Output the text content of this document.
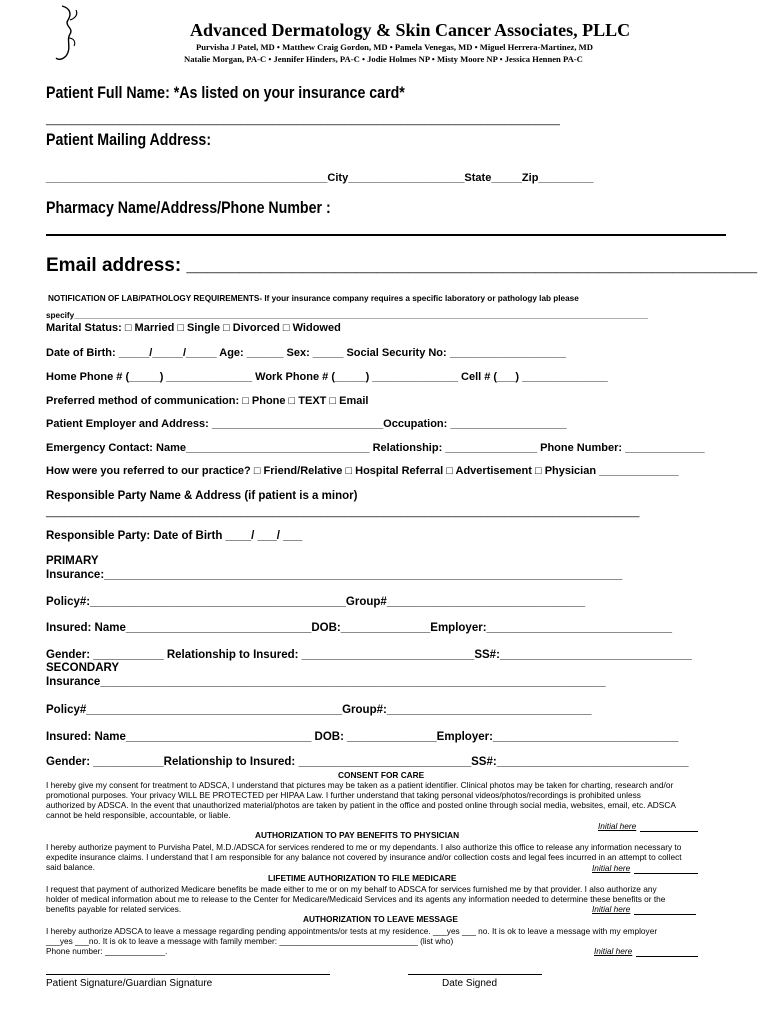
Advanced Dermatology & Skin Cancer Associates, PLLC
Purvisha J Patel, MD • Matthew Craig Gordon, MD • Pamela Venegas, MD • Miguel Herrera-Martinez, MD
Natalie Morgan, PA-C • Jennifer Hinders, PA-C • Jodie Holmes NP • Misty Moore NP • Jessica Hennen PA-C
Patient Full Name: *As listed on your insurance card*
____________________________________________________________________________________
Patient Mailing Address:
______________________________________________City___________________State_____Zip_________
Pharmacy Name/Address/Phone Number :
Email address: ______________________________________________________
NOTIFICATION OF LAB/PATHOLOGY REQUIREMENTS- If your insurance company requires a specific laboratory or pathology lab please
specify______________________________________________________________________________________________________________________________
Marital Status: □ Married □ Single □ Divorced □ Widowed
Date of Birth: _____/_____/_____ Age: ______ Sex: _____ Social Security No: ___________________
Home Phone # (_____) ______________ Work Phone # (_____) ______________ Cell # (___) ______________
Preferred method of communication: □ Phone □ TEXT □ Email
Patient Employer and Address: ____________________________Occupation: ___________________
Emergency Contact: Name______________________________ Relationship: _______________ Phone Number: _____________
How were you referred to our practice? □ Friend/Relative □ Hospital Referral □ Advertisement □ Physician _____________
Responsible Party Name & Address (if patient is a minor)
_________________________________________________________________________________________________
Responsible Party: Date of Birth ____/ ___/ ___
PRIMARY
Insurance:_________________________________________________________________________________
Policy#:________________________________________Group#_______________________________
Insured: Name_____________________________DOB:______________Employer:_____________________________
Gender: ___________ Relationship to Insured: ___________________________SS#:______________________________
SECONDARY
Insurance_______________________________________________________________________________
Policy#________________________________________Group#:________________________________
Insured: Name_____________________________ DOB: ______________Employer:_____________________________
Gender: ___________Relationship to Insured: ___________________________SS#:______________________________
CONSENT FOR CARE
I hereby give my consent for treatment to ADSCA, I understand that pictures may be taken as a patient identifier. Clinical photos may be taken for charting, research and/or
promotional purposes. Your privacy WILL BE PROTECTED per HIPAA Law. I further understand that taking personal videos/photos/recordings is prohibited unless
authorized by ADSCA. In the event that unauthorized material/photos are taken by patient in the office and posted online through social media, websites, email, etc. ADSCA
cannot be held responsible, accountable, or liable.
Initial here
AUTHORIZATION TO PAY BENEFITS TO PHYSICIAN
I hereby authorize payment to Purvisha Patel, M.D./ADSCA for services rendered to me or my dependants. I also authorize this office to release any information necessary to
expedite insurance claims. I understand that I am responsible for any balance not covered by insurance and/or collection costs and legal fees incurred in an attempt to collect
said balance.	Initial here
LIFETIME AUTHORIZATION TO FILE MEDICARE
I request that payment of authorized Medicare benefits be made either to me or on my behalf to ADSCA for services furnished me by that provider. I also authorize any
holder of medical information about me to release to the Center for Medicare/Medicaid Services and its agents any information needed to determine these benefits or the
benefits payable for related services.	Initial here
AUTHORIZATION TO LEAVE MESSAGE
I hereby authorize ADSCA to leave a message regarding pending appointments/or tests at my residence. ___yes ___ no. It is ok to leave a message with my employer
___yes ___no. It is ok to leave a message with family member: ______________________________ (list who)
Phone number: _____________.	Initial here
Patient Signature/Guardian Signature	Date Signed
